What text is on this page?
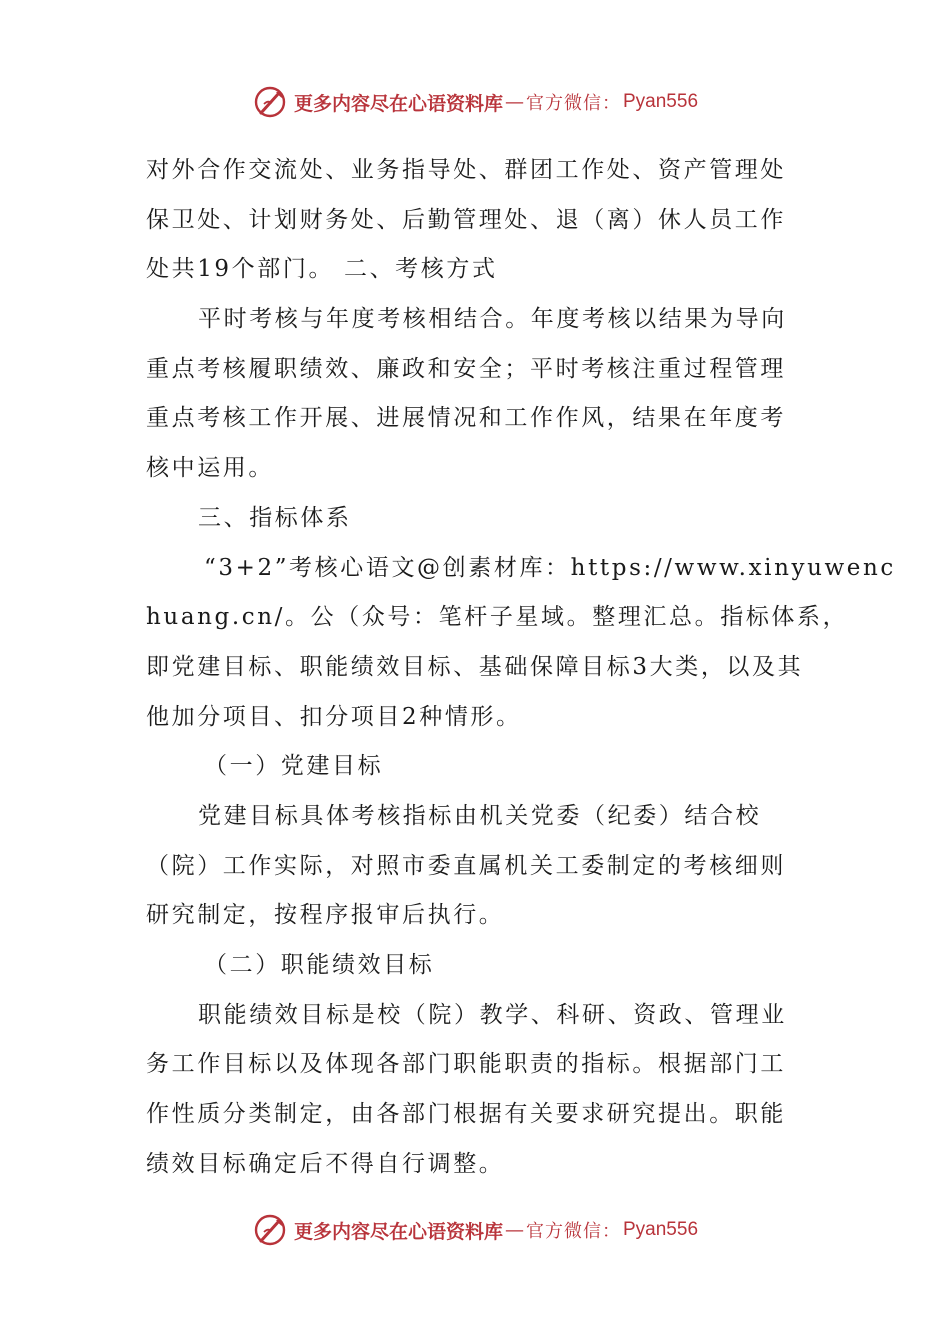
更多内容尽在心语资料库 — 官方微信： Pyan556
对外合作交流处、业务指导处、群团工作处、资产管理处
保卫处、计划财务处、后勤管理处、退（离）休人员工作
处共19个部门。 二、考核方式
平时考核与年度考核相结合。年度考核以结果为导向
重点考核履职绩效、廉政和安全；平时考核注重过程管理
重点考核工作开展、进展情况和工作作风，结果在年度考
核中运用。
三、指标体系
“3+2”考核心语文@创素材库：https://www.xinyuwenc
huang.cn/。公（众号：笔杆子星域。整理汇总。指标体系，
即党建目标、职能绩效目标、基础保障目标3大类，以及其
他加分项目、扣分项目2种情形。
（一）党建目标
党建目标具体考核指标由机关党委（纪委）结合校
（院）工作实际，对照市委直属机关工委制定的考核细则
研究制定，按程序报审后执行。
（二）职能绩效目标
职能绩效目标是校（院）教学、科研、资政、管理业
务工作目标以及体现各部门职能职责的指标。根据部门工
作性质分类制定，由各部门根据有关要求研究提出。职能
绩效目标确定后不得自行调整。
更多内容尽在心语资料库 — 官方微信： Pyan556
